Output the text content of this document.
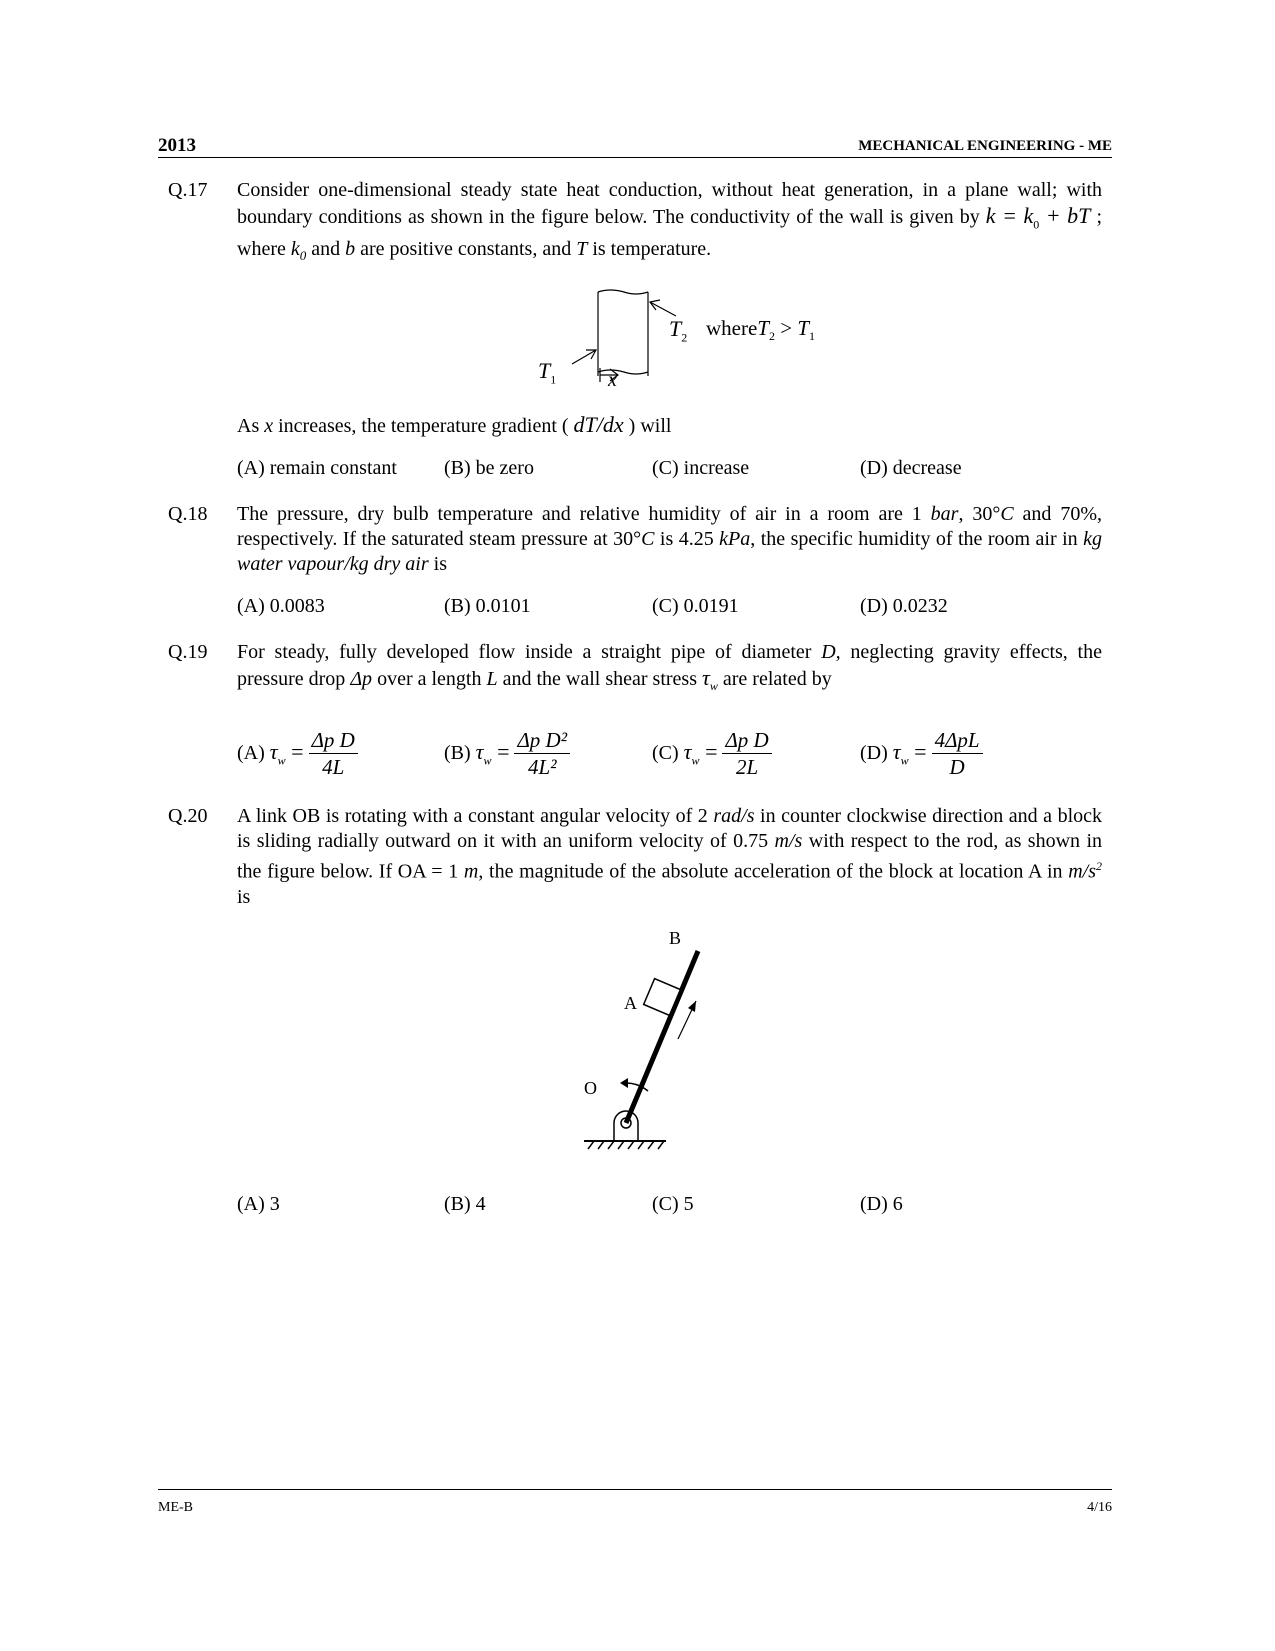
2013	MECHANICAL ENGINEERING - ME
Q.17 Consider one-dimensional steady state heat conduction, without heat generation, in a plane wall; with boundary conditions as shown in the figure below. The conductivity of the wall is given by $k = k_0$ + bT ; where $k_0$ and b are positive constants, and T is temperature.
$T_2$ whereT$_2$ > $T_1$
$T_1$	x
As x increases, the temperature gradient ( dT/dx ) will
(A) remain constant (B) be zero	(C) increase	(D) decrease
Q.18 The pressure, dry bulb temperature and relative humidity of air in a room are 1 bar, 30°C and 70%, respectively. If the saturated steam pressure at 30°C is 4.25 kPa, the specific humidity of the room air in kg water vapour/kg dry air is
(A) 0.0083	(B) 0.0101	(C) 0.0191	(D) 0.0232
Q.19 For steady, fully developed flow inside a straight pipe of diameter D, neglecting gravity effects, the pressure drop Δp over a length L and the wall shear stress $\tau_w$ are related by
(A) $\tau_w = \frac{\text{Δp D}}{4L}$	(B) $\tau_w = \frac{\text{Δp D²}}{\text{4L²}}$	(C) $\tau_w = \frac{\text{Δp D}}{2L}$	(D) $\tau_w = \frac{\text{4ΔpL}}{D}$
Q.20 A link OB is rotating with a constant angular velocity of 2 rad/s in counter clockwise direction and a block is sliding radially outward on it with an uniform velocity of 0.75 m/s with respect to the rod, as shown in the figure below. If OA = 1 m, the magnitude of the absolute acceleration of the block at location A in $m/s^2$ is
B
A
O
(A) 3	(B) 4	(C) 5	(D) 6
ME-B	4/16
